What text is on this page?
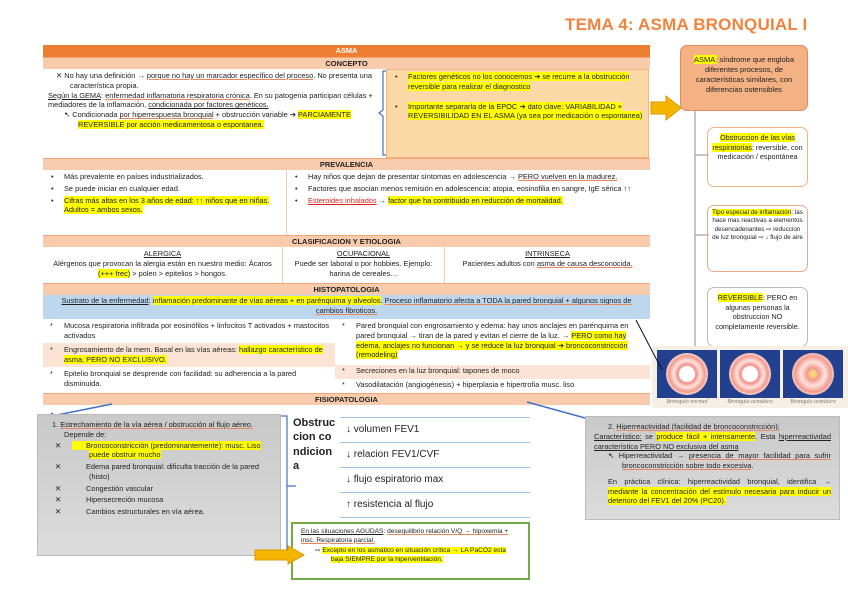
TEMA 4: ASMA BRONQUIAL I
ASMA
CONCEPTO

✕ No hay una definición → porque no hay un marcador específico del proceso. No presenta una característica propia.

Según la GEMA: enfermedad inflamatoria respiratoria crónica. En su patogenia participan células + mediadores de la inflamación, condicionada por factores genéticos.

➷ Condicionada por hiperrespuesta bronquial + obstrucción variable ➔ PARCIAMENTE REVERSIBLE por acción medicamentosa o espontanea.

• Factores genéticos no los conocemos ➔ se recurre a la obstrucción reversible para realizar el diagnostico
• Importante separarla de la EPOC ➔ dato clave: VARIABILIDAD + REVERSIBILIDAD EN EL ASMA (ya sea por medicación o espontanea)
PREVALENCIA
• Más prevalente en países industrializados.
• Se puede iniciar en cualquier edad.
• Cifras más altas en los 3 años de edad: ↑↑ niños que en niñas. Adultos = ambos sexos.
• Hay niños que dejan de presentar síntomas en adolescencia → PERO vuelven en la madurez.
• Factores que asocian menos remisión en adolescencia: atopia, eosinofilia en sangre, IgE sérica ↑↑
• Esteroides inhalados → factor que ha contribuido en reducción de mortalidad.
CLASIFICACION Y ETIOLOGIA
ALERGICA
Alérgenos que provocan la alergia están en nuestro medio: Ácaros (+++ frec) > polen > epitelios > hongos.
OCUPACIONAL
Puede ser laboral o por hobbies. Ejemplo: harina de cereales…
INTRINSECA
Pacientes adultos con asma de causa desconocida.
HISTOPATOLOGIA
Sustrato de la enfermedad: inflamación predominante de vías aéreas + en parénquima y alveolos. Proceso inflamatorio afecta a TODA la pared bronquial + algunos signos de cambios fibroticos.
* Mucosa respiratoria infiltrada por eosinófilos + linfocitos T activados + mastocitos activados
* Engrosamiento de la mem. Basal en las vías aéreas: hallazgo característico de asma, PERO NO EXCLUSIVO.
* Epitelio bronquial se desprende con facilidad: su adherencia a la pared disminuida.
* Pared bronquial con engrosamiento y edema: hay unos anclajes en parénquima en pared bronquial → tiran de la pared y evitan el cierre de la luz. → PERO como hay edema, anclajes no funcionan → y se reduce la luz bronquial ➔ broncoconstricción (remodeling)
* Secreciones en la luz bronquial: tapones de moco
* Vasodilatación (angiogénesis) + hiperplasia e hipertrofia musc. liso
FISIOPATOLOGIA
ASMA: síndrome que engloba diferentes procesos, de características similares, con diferencias ostensibles
Obstruccion de las vías respiratorias: reversible, con medicación / espontánea
Tipo especial de inflamación: las hace mas reactivas a elementos desencadenantes ⇨ reduccion de luz bronquial ⇨ ↓ flujo de aire
REVERSIBLE: PERO en algunas personas la obstruccion NO completamente reversible.
Bronquio normal	Bronquio asmático	Bronquio asmático

1. Estrechamiento de la vía aérea / obstrucción al flujo aéreo. Depende de:

✕	Broncoconstricción (predominantemente): musc. Liso puede obstruir mucho

✕	Edema pared bronquial: dificulta tracción de la pared (histo)

✕	Congestión vascular

✕	Hipersecreción mucosa

✕	Cambios estructurales en vía aérea.

Obstruccion condiciona
↓ volumen FEV1
↓ relacion FEV1/CVF
↓ flujo espiratorio max
↑ resistencia al flujo

En las situaciones AGUDAS: desequilibrio relación V/Q → hipoxemia + insc. Respiratoria parcial.

⇨ Excepto en los asmático en situación crítica → LA PaCO2 esta baja SIEMPRE por la hiperventilación.

2. Hiperreactividad (facilidad de broncoconstricción):

Característico: se produce fácil + intensamente. Esta hiperreactividad característica PERO NO exclusiva del asma

➷ Hiperreactividad → presencia de mayor facilidad para sufrir broncoconstricción sobre todo excesiva.

En práctica clínica: hiperreactividad bronquial, identifica → mediante la concentración del estímulo necesaria para inducir un deterioro del FEV1 del 20% (PC20).
